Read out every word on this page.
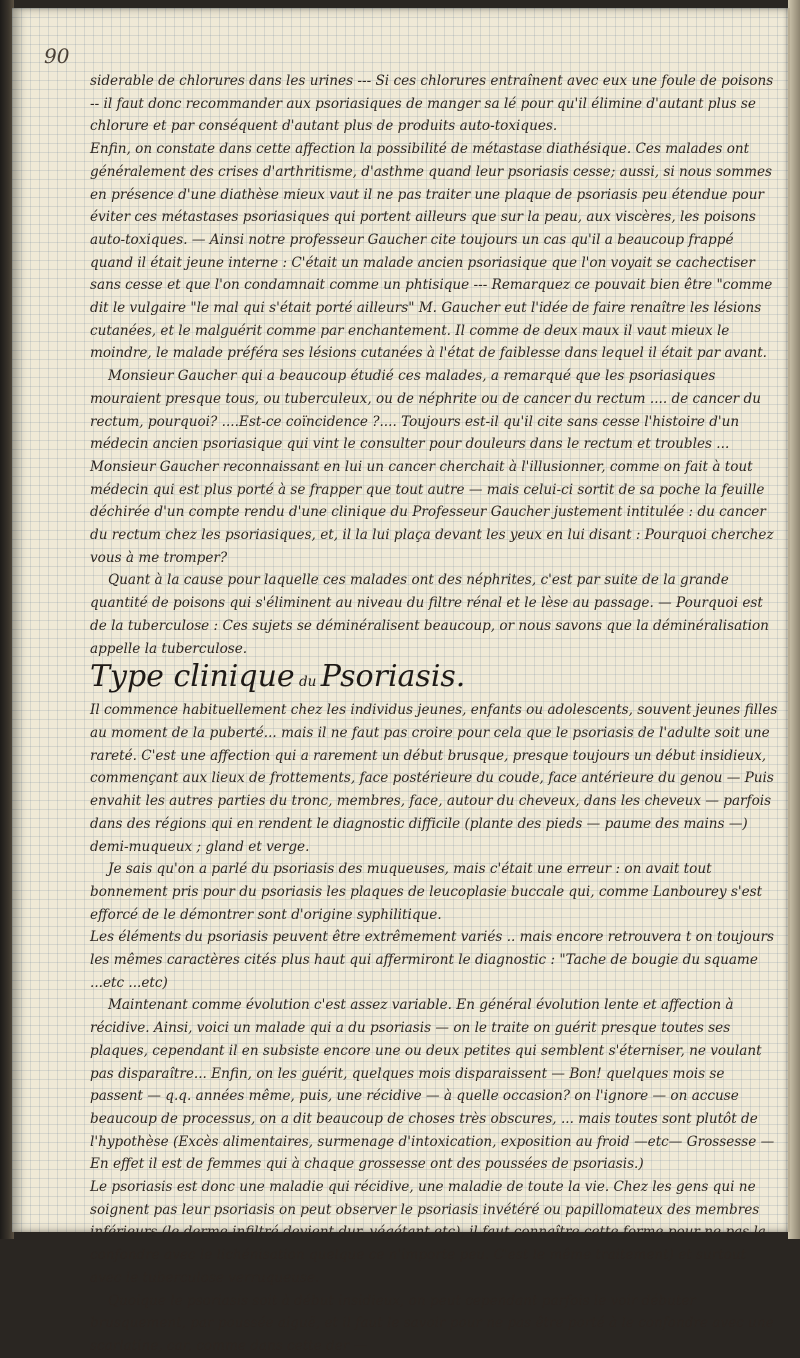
90

siderable de chlorures dans les urines --- Si ces chlorures entraînent avec eux une foule de poisons -- il faut donc recommander aux psoriasiques de manger sa lé pour qu'il élimine d'autant plus se chlorure et par conséquent d'autant plus de produits auto-toxiques.

Enfin, on constate dans cette affection la possibilité de métastase diathésique. Ces malades ont généralement des crises d'arthritisme, d'asthme quand leur psoriasis cesse; aussi, si nous sommes en présence d'une diathèse mieux vaut il ne pas traiter une plaque de psoriasis peu étendue pour éviter ces métastases psoriasiques qui portent ailleurs que sur la peau, aux viscères, les poisons auto-toxiques. — Ainsi notre professeur Gaucher cite toujours un cas qu'il a beaucoup frappé quand il était jeune interne : C'était un malade ancien psoriasique que l'on voyait se cachectiser sans cesse et que l'on condamnait comme un phtisique --- Remarquez ce pouvait bien être "comme dit le vulgaire "le mal qui s'était porté ailleurs" M. Gaucher eut l'idée de faire renaître les lésions cutanées, et le malguérit comme par enchantement. Il comme de deux maux il vaut mieux le moindre, le malade préféra ses lésions cutanées à l'état de faiblesse dans lequel il était par avant.

Monsieur Gaucher qui a beaucoup étudié ces malades, a remarqué que les psoriasiques mouraient presque tous, ou tuberculeux, ou de néphrite ou de cancer du rectum .... de cancer du rectum, pourquoi? ....Est-ce coïncidence ?.... Toujours est-il qu'il cite sans cesse l'histoire d'un médecin ancien psoriasique qui vint le consulter pour douleurs dans le rectum et troubles ... Monsieur Gaucher reconnaissant en lui un cancer cherchait à l'illusionner, comme on fait à tout médecin qui est plus porté à se frapper que tout autre — mais celui-ci sortit de sa poche la feuille déchirée d'un compte rendu d'une clinique du Professeur Gaucher justement intitulée : du cancer du rectum chez les psoriasiques, et, il la lui plaça devant les yeux en lui disant : Pourquoi cherchez vous à me tromper?

Quant à la cause pour laquelle ces malades ont des néphrites, c'est par suite de la grande quantité de poisons qui s'éliminent au niveau du filtre rénal et le lèse au passage. — Pourquoi est de la tuberculose : Ces sujets se déminéralisent beaucoup, or nous savons que la déminéralisation appelle la tuberculose.

Type clinique du Psoriasis.

Il commence habituellement chez les individus jeunes, enfants ou adolescents, souvent jeunes filles au moment de la puberté... mais il ne faut pas croire pour cela que le psoriasis de l'adulte soit une rareté. C'est une affection qui a rarement un début brusque, presque toujours un début insidieux, commençant aux lieux de frottements, face postérieure du coude, face antérieure du genou — Puis envahit les autres parties du tronc, membres, face, autour du cheveux, dans les cheveux — parfois dans des régions qui en rendent le diagnostic difficile (plante des pieds — paume des mains —) demi-muqueux ; gland et verge.

Je sais qu'on a parlé du psoriasis des muqueuses, mais c'était une erreur : on avait tout bonnement pris pour du psoriasis les plaques de leucoplasie buccale qui, comme Lanbourey s'est efforcé de le démontrer sont d'origine syphilitique.

Les éléments du psoriasis peuvent être extrêmement variés .. mais encore retrouvera t on toujours les mêmes caractères cités plus haut qui affermiront le diagnostic : "Tache de bougie du squame ...etc ...etc)

Maintenant comme évolution c'est assez variable. En général évolution lente et affection à récidive. Ainsi, voici un malade qui a du psoriasis — on le traite on guérit presque toutes ses plaques, cependant il en subsiste encore une ou deux petites qui semblent s'éterniser, ne voulant pas disparaître... Enfin, on les guérit, quelques mois disparaissent — Bon! quelques mois se passent — q.q. années même, puis, une récidive — à quelle occasion? on l'ignore — on accuse beaucoup de processus, on a dit beaucoup de choses très obscures, ... mais toutes sont plutôt de l'hypothèse (Excès alimentaires, surmenage d'intoxication, exposition au froid —etc— Grossesse — En effet il est de femmes qui à chaque grossesse ont des poussées de psoriasis.)

Le psoriasis est donc une maladie qui récidive, une maladie de toute la vie. Chez les gens qui ne soignent pas leur psoriasis on peut observer le psoriasis invétéré ou papillomateux des membres inférieurs (le derme infiltré devient dur, végétant etc), il faut connaître cette forme pour ne pas la confondre avec le lichénisation quelque ce n'importe peu. C'est le même traitement) et surtout avec le tuberculose verruqueuse.

Quoique le psoriasis soit à début insidieux, on peut cependant parfois le voir débuter brusquement, par poussée aiguë, et il faut le savoir pour ne pas être porté à le confondre avec une scarlatine, car, comme dans cette der —
